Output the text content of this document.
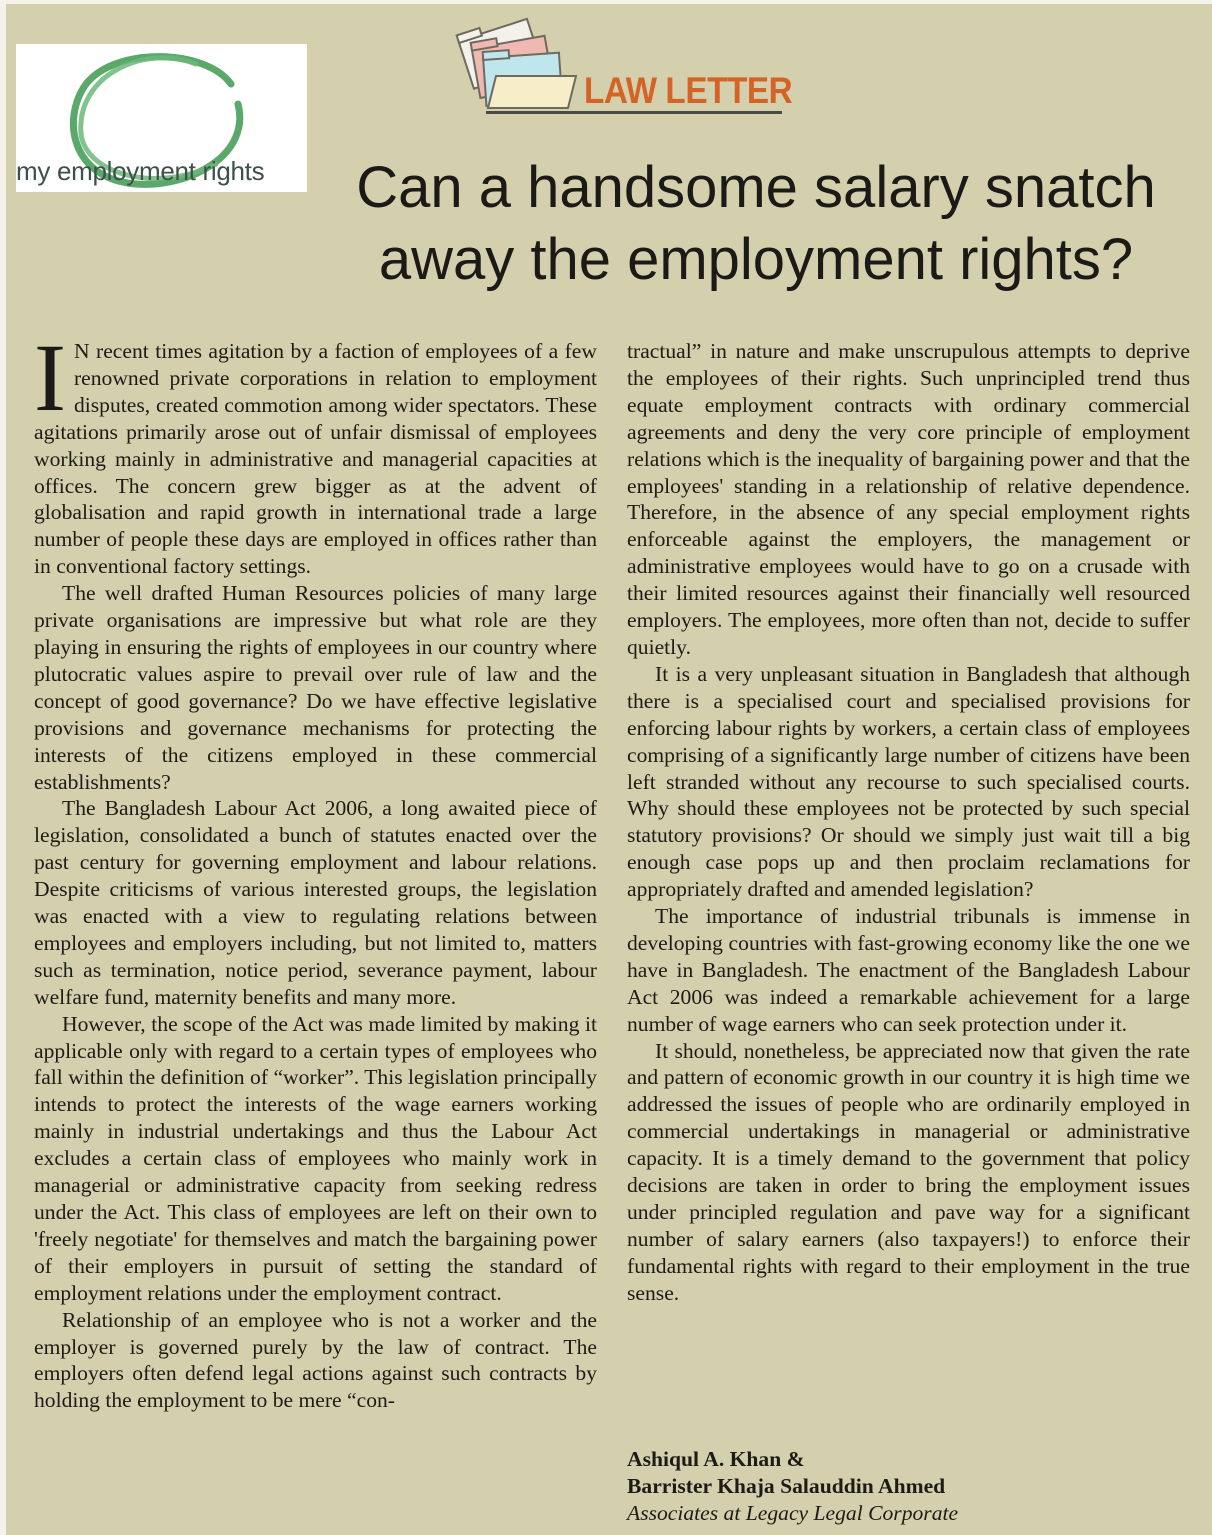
my employment rights
LAW LETTER
Can a handsome salary snatch away the employment rights?

I N recent times agitation by a faction of employees of a few renowned private corporations in relation to employment disputes, created commotion among wider spectators. These agitations primarily arose out of unfair dismissal of employees working mainly in administrative and managerial capacities at offices. The concern grew bigger as at the advent of globalisation and rapid growth in international trade a large number of people these days are employed in offices rather than in conventional factory settings.

The well drafted Human Resources policies of many large private organisations are impressive but what role are they playing in ensuring the rights of employees in our country where plutocratic values aspire to prevail over rule of law and the concept of good governance? Do we have effective legislative provisions and governance mechanisms for protecting the interests of the citizens employed in these commercial establishments?

The Bangladesh Labour Act 2006, a long awaited piece of legislation, consolidated a bunch of statutes enacted over the past century for governing employment and labour relations. Despite criticisms of various interested groups, the legislation was enacted with a view to regulating relations between employees and employers including, but not limited to, matters such as termination, notice period, severance payment, labour welfare fund, maternity benefits and many more.

However, the scope of the Act was made limited by making it applicable only with regard to a certain types of employees who fall within the definition of “worker”. This legislation principally intends to protect the interests of the wage earners working mainly in industrial undertakings and thus the Labour Act excludes a certain class of employees who mainly work in managerial or administrative capacity from seeking redress under the Act. This class of employees are left on their own to 'freely negotiate' for themselves and match the bargaining power of their employers in pursuit of setting the standard of employment relations under the employment contract.

Relationship of an employee who is not a worker and the employer is governed purely by the law of contract. The employers often defend legal actions against such contracts by holding the employment to be mere “con-

tractual” in nature and make unscrupulous attempts to deprive the employees of their rights. Such unprincipled trend thus equate employment contracts with ordinary commercial agreements and deny the very core principle of employment relations which is the inequality of bargaining power and that the employees' standing in a relationship of relative dependence. Therefore, in the absence of any special employment rights enforceable against the employers, the management or administrative employees would have to go on a crusade with their limited resources against their financially well resourced employers. The employees, more often than not, decide to suffer quietly.

It is a very unpleasant situation in Bangladesh that although there is a specialised court and specialised provisions for enforcing labour rights by workers, a certain class of employees comprising of a significantly large number of citizens have been left stranded without any recourse to such specialised courts. Why should these employees not be protected by such special statutory provisions? Or should we simply just wait till a big enough case pops up and then proclaim reclamations for appropriately drafted and amended legislation?

The importance of industrial tribunals is immense in developing countries with fast-growing economy like the one we have in Bangladesh. The enactment of the Bangladesh Labour Act 2006 was indeed a remarkable achievement for a large number of wage earners who can seek protection under it.

It should, nonetheless, be appreciated now that given the rate and pattern of economic growth in our country it is high time we addressed the issues of people who are ordinarily employed in commercial undertakings in managerial or administrative capacity. It is a timely demand to the government that policy decisions are taken in order to bring the employment issues under principled regulation and pave way for a significant number of salary earners (also taxpayers!) to enforce their fundamental rights with regard to their employment in the true sense.

Ashiqul A. Khan &
Barrister Khaja Salauddin Ahmed
Associates at Legacy Legal Corporate
